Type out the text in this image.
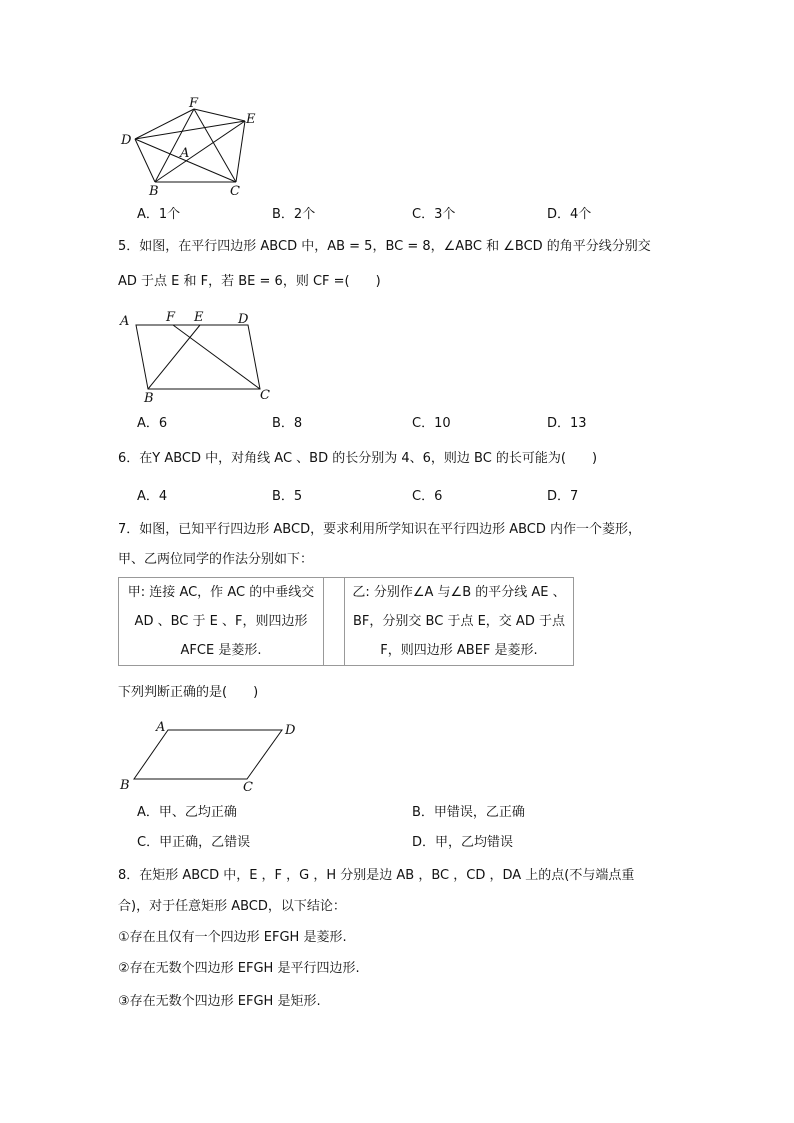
F
E
D
A
B	C
A．1个	B．2个	C．3个	D．4个
5．如图，在平行四边形 ABCD 中，AB = 5，BC = 8，∠ABC 和 ∠BCD 的角平分线分别交
AD 于点 E 和 F，若 BE = 6，则 CF =(　　)
A	F E	D
B	C
A．6	B．8	C．10	D．13
6．在Y ABCD 中，对角线 AC 、BD 的长分别为 4、6，则边 BC 的长可能为(　　)
A．4	B．5	C．6	D．7
7．如图，已知平行四边形 ABCD，要求利用所学知识在平行四边形 ABCD 内作一个菱形，
甲、乙两位同学的作法分别如下：
甲: 连接 AC，作 AC 的中垂线交
AD 、BC 于 E 、F，则四边形
AFCE 是菱形.

乙: 分别作∠A 与∠B 的平分线 AE 、
BF，分别交 BC 于点 E，交 AD 于点
F，则四边形 ABEF 是菱形.
下列判断正确的是(　　)
A	D
B	C
A．甲、乙均正确	B．甲错误，乙正确
C．甲正确，乙错误	D．甲，乙均错误
8．在矩形 ABCD 中，E ，F ，G ，H 分别是边 AB ，BC ，CD ，DA 上的点(不与端点重
合)，对于任意矩形 ABCD，以下结论：
①存在且仅有一个四边形 EFGH 是菱形.
②存在无数个四边形 EFGH 是平行四边形.
③存在无数个四边形 EFGH 是矩形.
